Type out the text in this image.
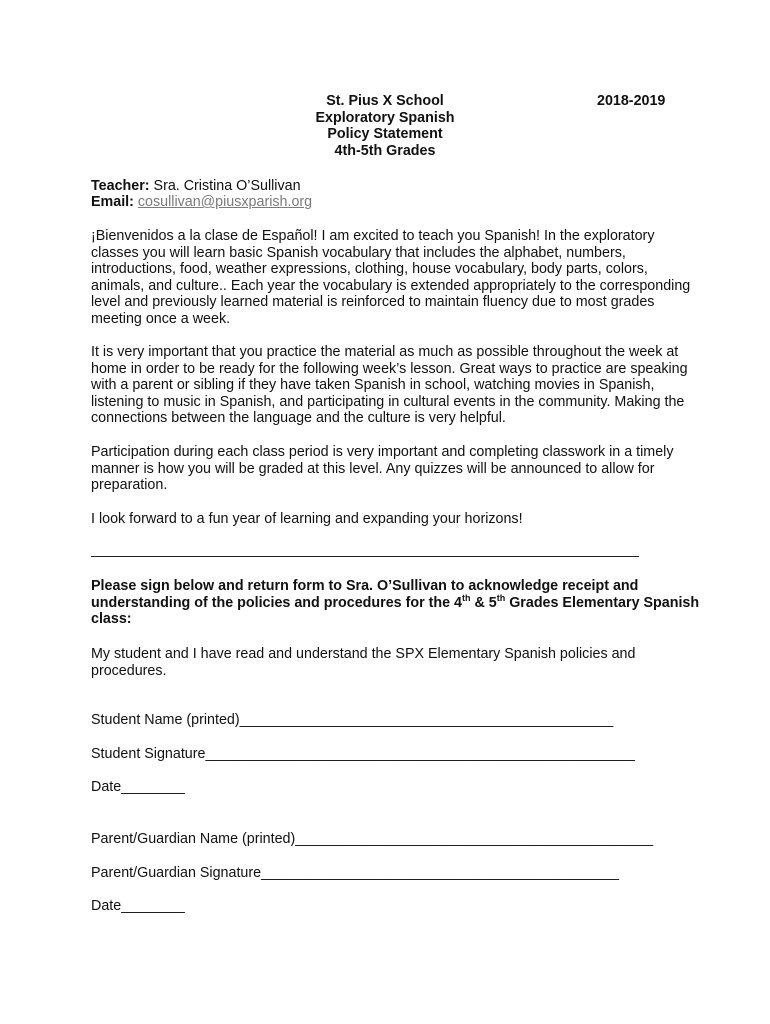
St. Pius X School

Exploratory Spanish

Policy Statement

4th-5th Grades

2018-2019

Teacher: Sra. Cristina O’Sullivan

Email: cosullivan@piusxparish.org

¡Bienvenidos a la clase de Español! I am excited to teach you Spanish! In the exploratory
classes you will learn basic Spanish vocabulary that includes the alphabet, numbers,
introductions, food, weather expressions, clothing, house vocabulary, body parts, colors,
animals, and culture.. Each year the vocabulary is extended appropriately to the corresponding
level and previously learned material is reinforced to maintain fluency due to most grades
meeting once a week.
It is very important that you practice the material as much as possible throughout the week at
home in order to be ready for the following week’s lesson. Great ways to practice are speaking
with a parent or sibling if they have taken Spanish in school, watching movies in Spanish,
listening to music in Spanish, and participating in cultural events in the community. Making the
connections between the language and the culture is very helpful.
Participation during each class period is very important and completing classwork in a timely
manner is how you will be graded at this level. Any quizzes will be announced to allow for
preparation.

I look forward to a fun year of learning and expanding your horizons!

Please sign below and return form to Sra. O’Sullivan to acknowledge receipt and
understanding of the policies and procedures for the 4th & 5th Grades Elementary Spanish
class:
My student and I have read and understand the SPX Elementary Spanish policies and
procedures.

Student Name (printed)_______________________________________________

Student Signature______________________________________________________

Date________

Parent/Guardian Name (printed)_____________________________________________

Parent/Guardian Signature_____________________________________________

Date________
